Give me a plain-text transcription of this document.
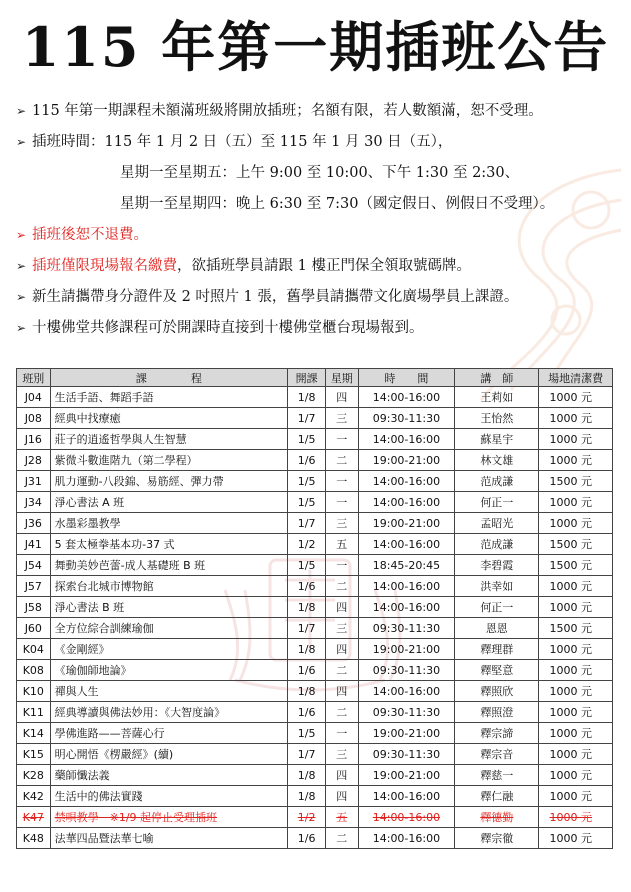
115 年第一期插班公告
➢ 115 年第一期課程未額滿班級將開放插班；名額有限，若人數額滿，恕不受理。
➢ 插班時間：115 年 1 月 2 日（五）至 115 年 1 月 30 日（五），
星期一至星期五：上午 9:00 至 10:00、下午 1:30 至 2:30、
星期一至星期四：晚上 6:30 至 7:30（國定假日、例假日不受理）。
➢ 插班後恕不退費。
➢ 插班僅限現場報名繳費，欲插班學員請跟 1 樓正門保全領取號碼牌。
➢ 新生請攜帶身分證件及 2 吋照片 1 張，舊學員請攜帶文化廣場學員上課證。
➢ 十樓佛堂共修課程可於開課時直接到十樓佛堂櫃台現場報到。
班別	課　　　　程	開課	星期	時　　間	講　師	場地清潔費
J04	生活手語、舞蹈手語	1/8	四	14:00-16:00	王莉如	1000 元
J08	經典中找療癒	1/7	三	09:30-11:30	王怡然	1000 元
J16	莊子的逍遙哲學與人生智慧	1/5	一	14:00-16:00	蘇星宇	1000 元
J28	紫微斗數進階九（第二學程）	1/6	二	19:00-21:00	林文雄	1000 元
J31	肌力運動-八段錦、易筋經、彈力帶	1/5	一	14:00-16:00	范成謙	1500 元
J34	淨心書法 A 班	1/5	一	14:00-16:00	何正一	1000 元
J36	水墨彩墨教學	1/7	三	19:00-21:00	孟昭光	1000 元
J41	5 套太極拳基本功-37 式	1/2	五	14:00-16:00	范成謙	1500 元
J54	舞動美妙芭蕾-成人基礎班 B 班	1/5	一	18:45-20:45	李碧霞	1500 元
J57	探索台北城市博物館	1/6	二	14:00-16:00	洪幸如	1000 元
J58	淨心書法 B 班	1/8	四	14:00-16:00	何正一	1000 元
J60	全方位綜合訓練瑜伽	1/7	三	09:30-11:30	恩恩	1500 元
K04	《金剛經》	1/8	四	19:00-21:00	釋理群	1000 元
K08	《瑜伽師地論》	1/6	二	09:30-11:30	釋堅意	1000 元
K10	禪與人生	1/8	四	14:00-16:00	釋照欣	1000 元
K11	經典導讀與佛法妙用：《大智度論》	1/6	二	09:30-11:30	釋照澄	1000 元
K14	學佛進路——菩薩心行	1/5	一	19:00-21:00	釋宗諦	1000 元
K15	明心開悟《楞嚴經》(續)	1/7	三	09:30-11:30	釋宗音	1000 元
K28	藥師懺法義	1/8	四	19:00-21:00	釋慈一	1000 元
K42	生活中的佛法實踐	1/8	四	14:00-16:00	釋仁融	1000 元
K47	禁唄教學　※1/9 起停止受理插班	1/2	五	14:00-16:00	釋德勤	1000 元
K48	法華四品暨法華七喻	1/6	二	14:00-16:00	釋宗徹	1000 元
